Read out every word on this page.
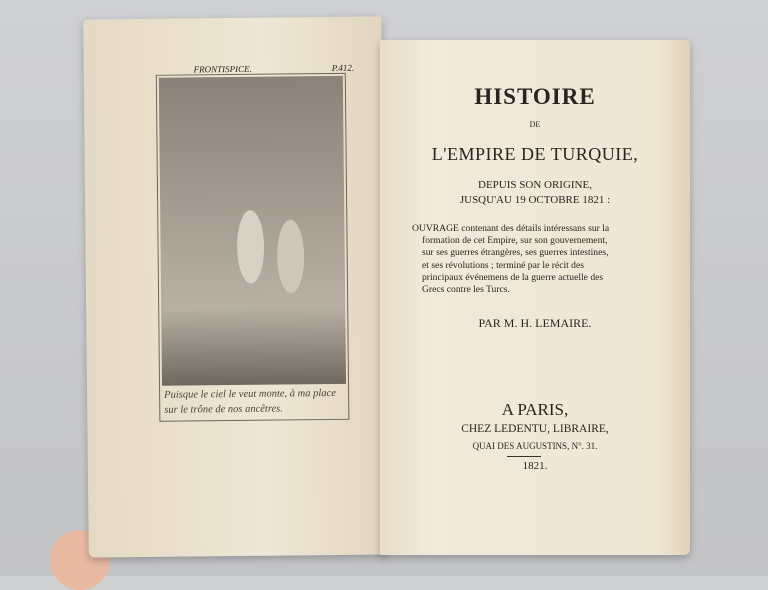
FRONTISPICE.	P.412.
Puisque le ciel le veut monte, à ma place
sur le trône de nos ancêtres.
HISTOIRE
DE
L'EMPIRE DE TURQUIE,
DEPUIS SON ORIGINE,
JUSQU'AU 19 OCTOBRE 1821 :
OUVRAGE contenant des détails intéressans sur la
formation de cet Empire, sur son gouvernement,
sur ses guerres étrangères, ses guerres intestines,
et ses révolutions ; terminé par le récit des
principaux événemens de la guerre actuelle des
Grecs contre les Turcs.
PAR M. H. LEMAIRE.
A PARIS,
CHEZ LEDENTU, LIBRAIRE,
QUAI DES AUGUSTINS, N°. 31.
1821.
